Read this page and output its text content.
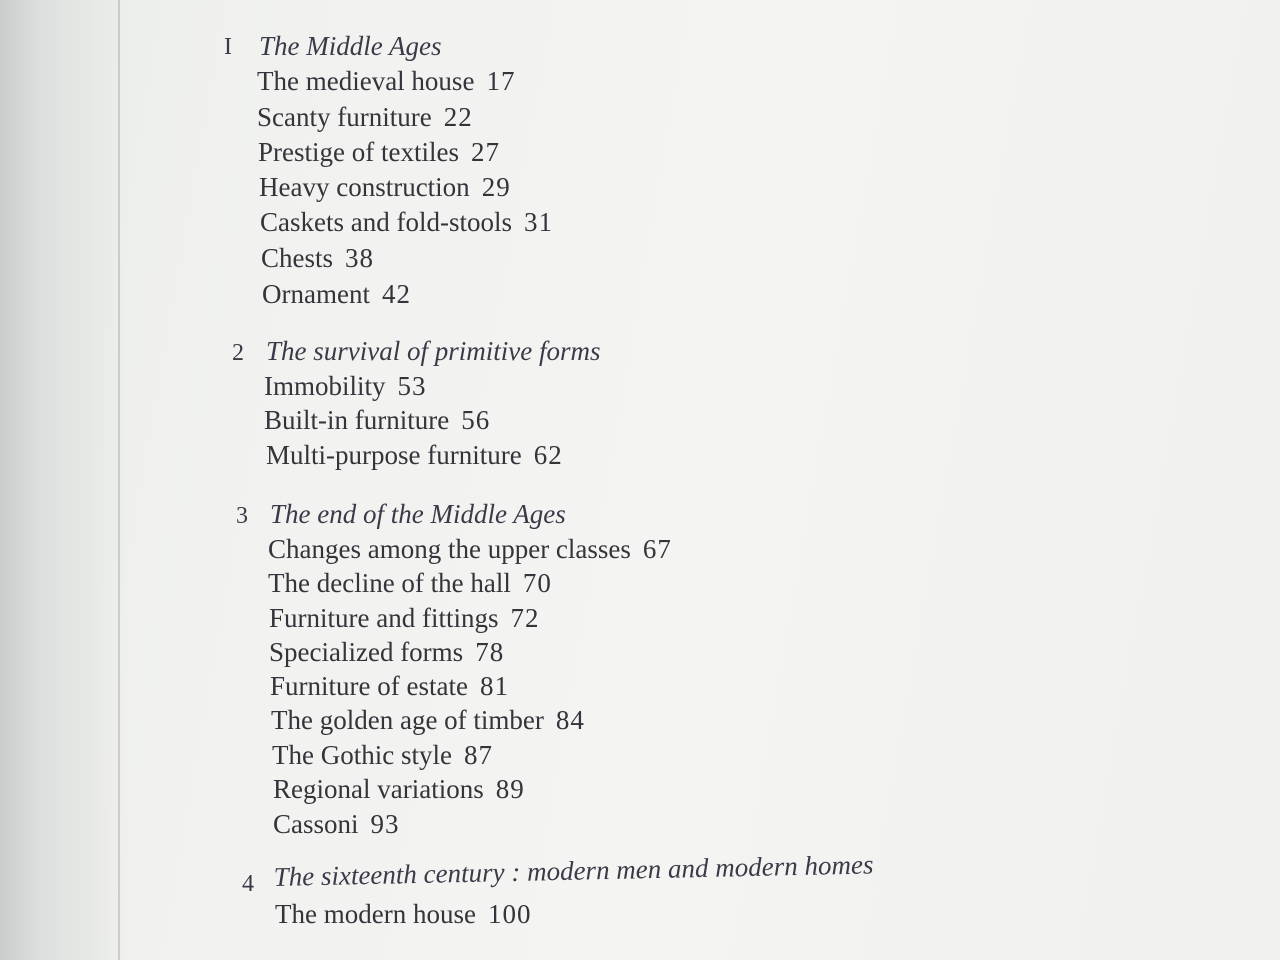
I The Middle Ages
The medieval house 17
Scanty furniture 22
Prestige of textiles 27
Heavy construction 29
Caskets and fold-stools 31
Chests 38
Ornament 42
2 The survival of primitive forms
Immobility 53
Built-in furniture 56
Multi-purpose furniture 62
3 The end of the Middle Ages
Changes among the upper classes 67
The decline of the hall 70
Furniture and fittings 72
Specialized forms 78
Furniture of estate 81
The golden age of timber 84
The Gothic style 87
Regional variations 89
Cassoni 93
4 The sixteenth century : modern men and modern homes
The modern house 100
